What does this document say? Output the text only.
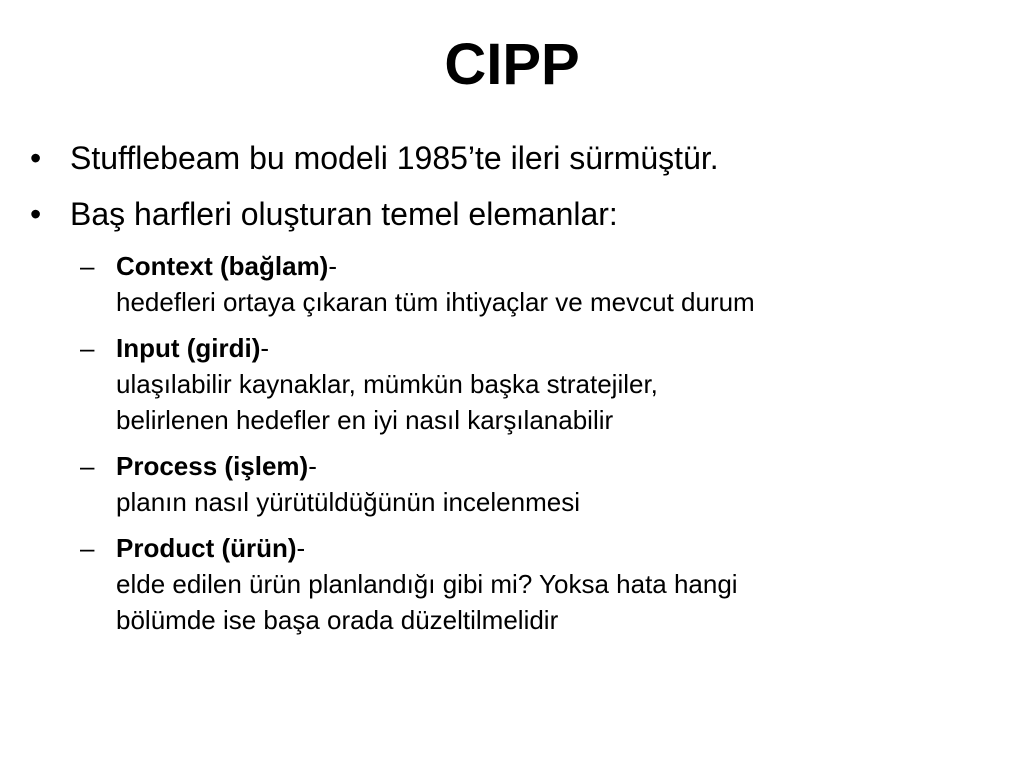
CIPP
• Stufflebeam bu modeli 1985’te ileri sürmüştür.
• Baş harfleri oluşturan temel elemanlar:
– Context (bağlam)-
hedefleri ortaya çıkaran tüm ihtiyaçlar ve mevcut durum
– Input (girdi)-
ulaşılabilir kaynaklar, mümkün başka stratejiler,
belirlenen hedefler en iyi nasıl karşılanabilir
– Process (işlem)-
planın nasıl yürütüldüğünün incelenmesi
– Product (ürün)-
elde edilen ürün planlandığı gibi mi? Yoksa hata hangi
bölümde ise başa orada düzeltilmelidir
